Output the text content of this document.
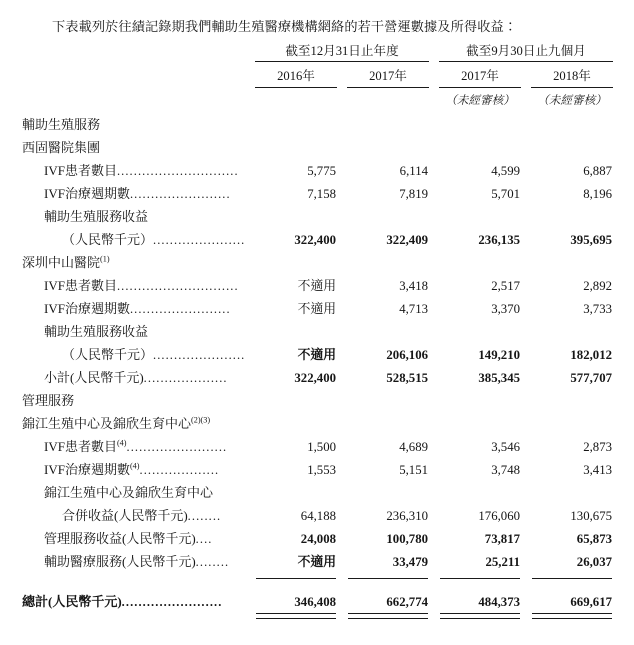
下表載列於往績記錄期我們輔助生殖醫療機構網絡的若干營運數據及所得收益：

	截至12月31日止年度		截至9月30日止九個月	

	2016年	2017年	2017年	2018年

			（未經審核）	（未經審核）
輔助生殖服務				
西固醫院集團				
IVF患者數目.............................	5,775	6,114	4,599	6,887
IVF治療週期數........................	7,158	7,819	5,701	8,196
輔助生殖服務收益				
（人民幣千元）......................	322,400	322,409	236,135	395,695
深圳中山醫院$^{(1)}$				
IVF患者數目.............................	不適用	3,418	2,517	2,892
IVF治療週期數........................	不適用	4,713	3,370	3,733
輔助生殖服務收益				
（人民幣千元）......................	不適用	206,106	149,210	182,012
小計(人民幣千元)....................	322,400	528,515	385,345	577,707
管理服務				
錦江生殖中心及錦欣生育中心$^{(2)(3)}$				
IVF患者數目$^{(4)}$........................	1,500	4,689	3,546	2,873
IVF治療週期數$^{(4)}$...................	1,553	5,151	3,748	3,413
錦江生殖中心及錦欣生育中心				
合併收益(人民幣千元)........	64,188	236,310	176,060	130,675
管理服務收益(人民幣千元)....	24,008	100,780	73,817	65,873
輔助醫療服務(人民幣千元)........	不適用	33,479	25,211	26,037

總計(人民幣千元)........................	346,408	662,774	484,373	669,617
